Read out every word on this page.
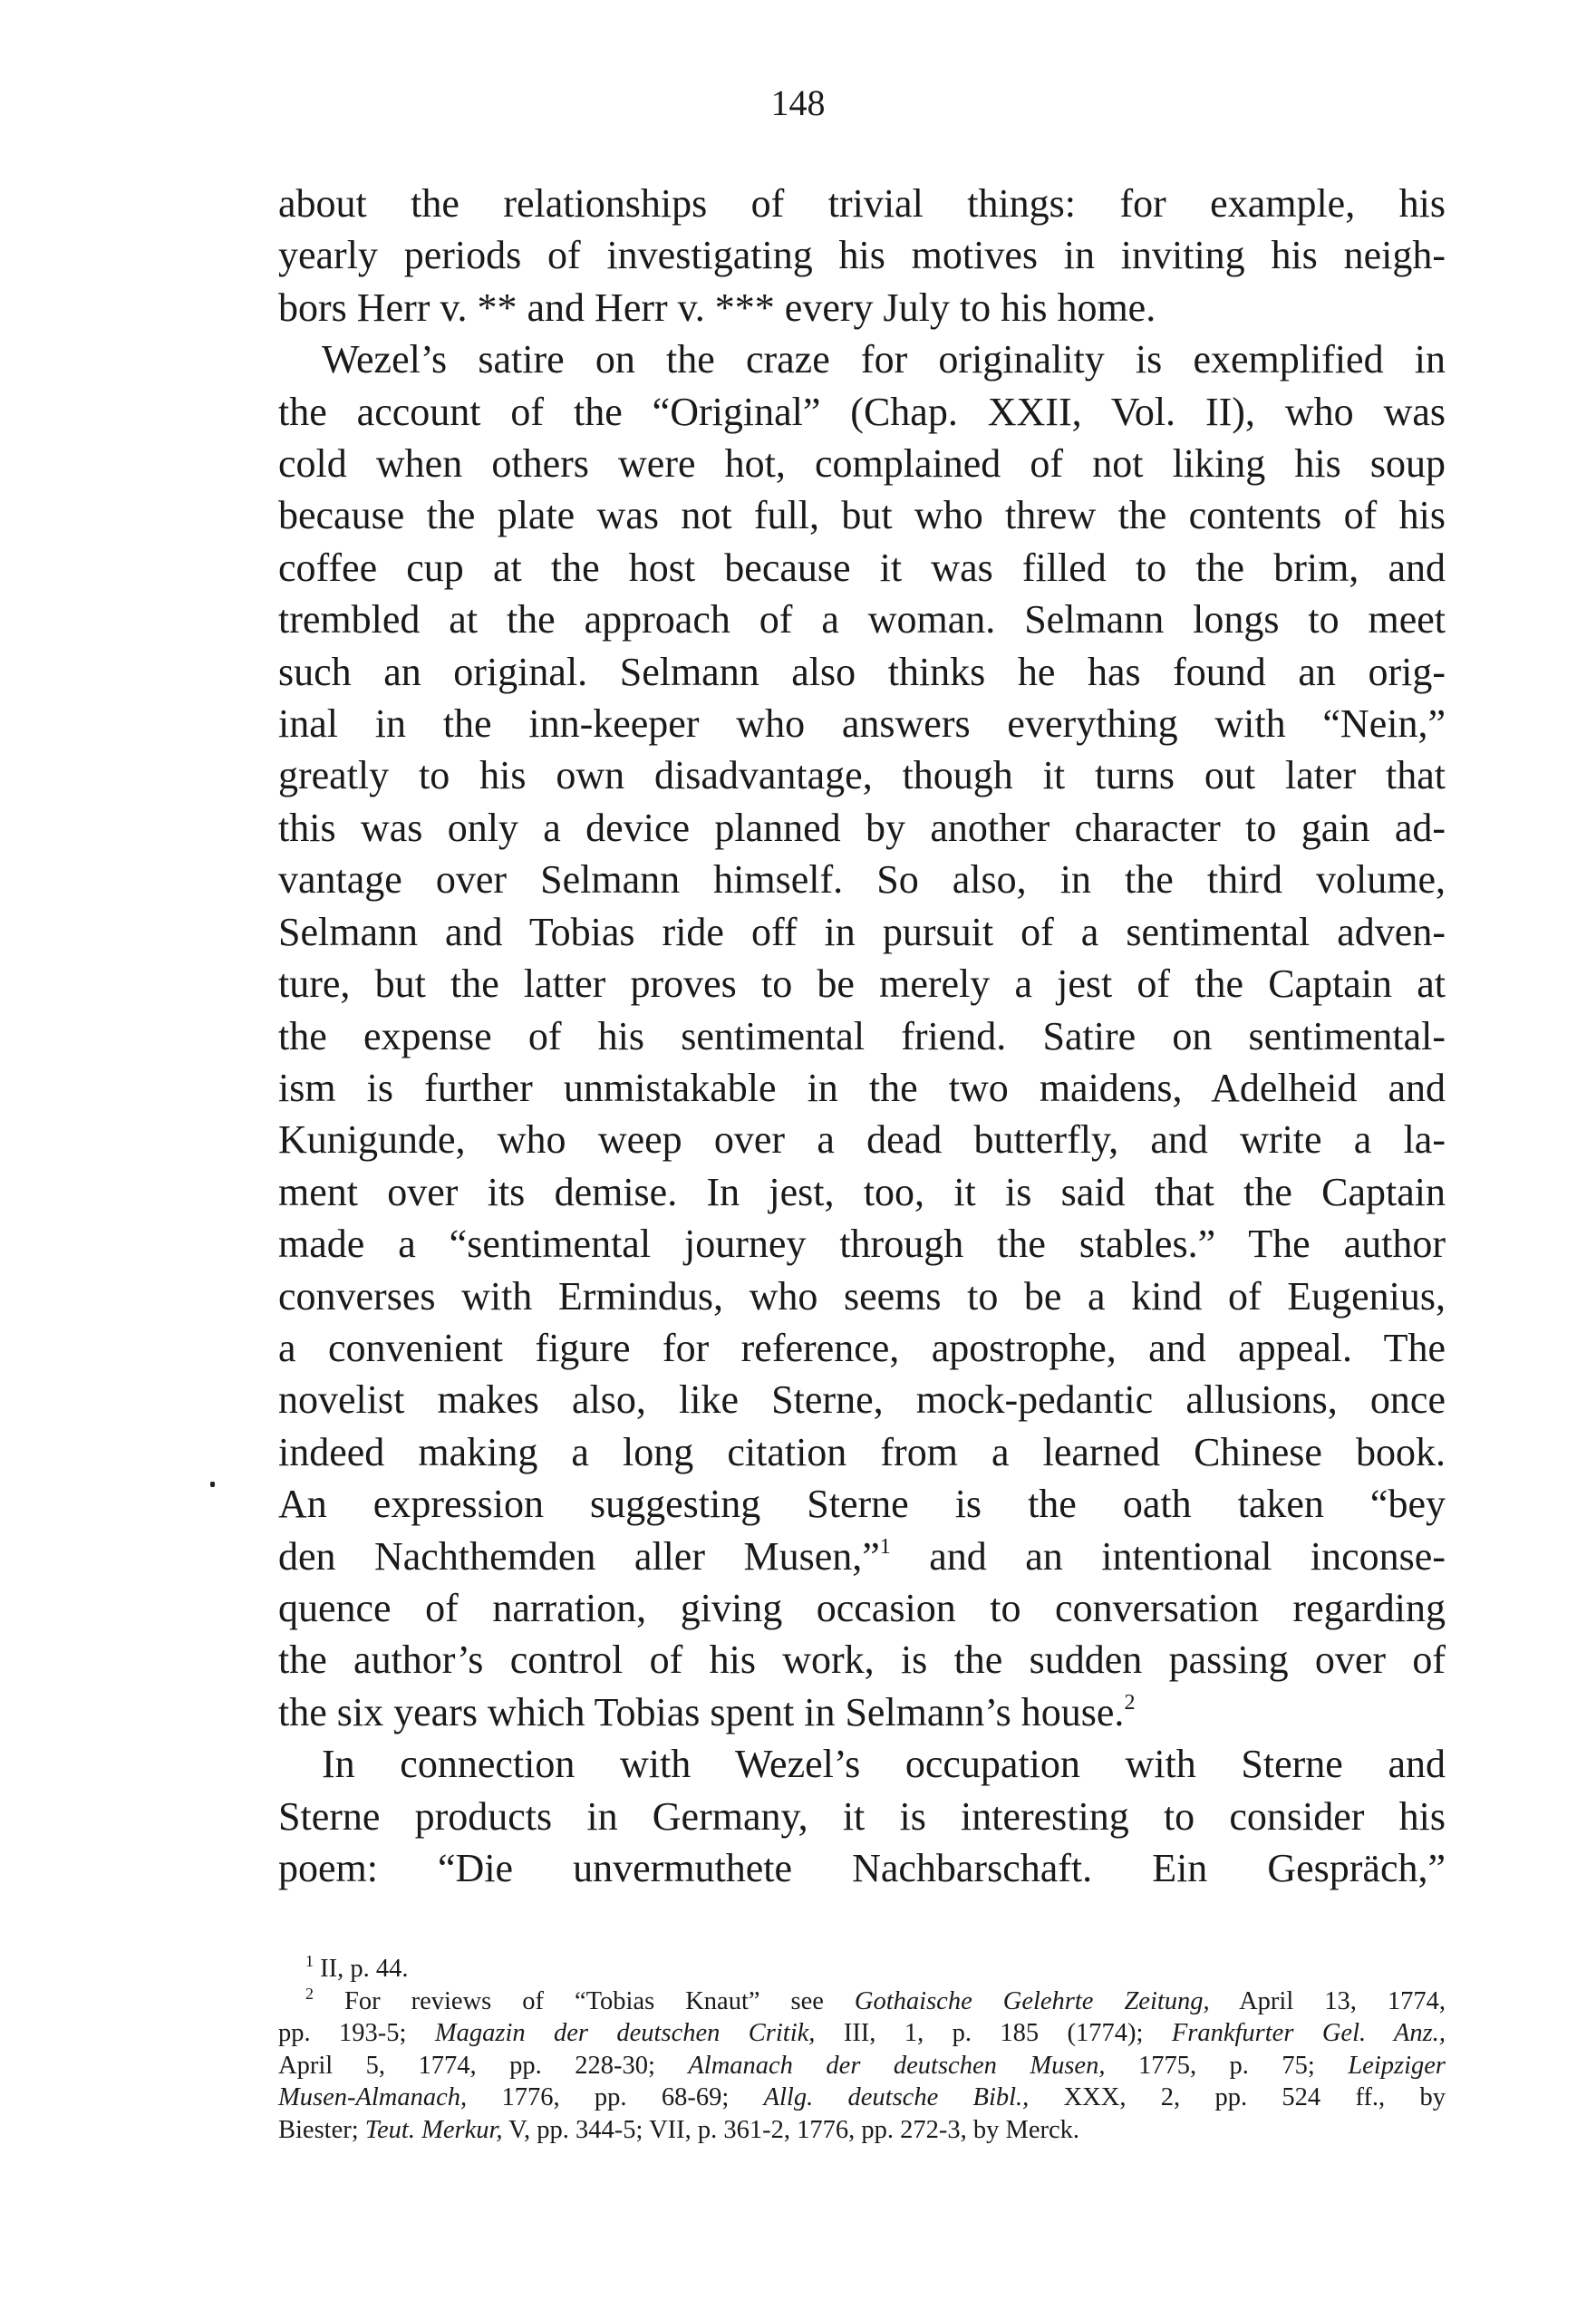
148
about the relationships of trivial things: for example, his
yearly periods of investigating his motives in inviting his neigh-
bors Herr v. ** and Herr v. *** every July to his home.
Wezel’s satire on the craze for originality is exemplified in
the account of the “Original” (Chap. XXII, Vol. II), who was
cold when others were hot, complained of not liking his soup
because the plate was not full, but who threw the contents of his
coffee cup at the host because it was filled to the brim, and
trembled at the approach of a woman. Selmann longs to meet
such an original. Selmann also thinks he has found an orig-
inal in the inn-keeper who answers everything with “Nein,”
greatly to his own disadvantage, though it turns out later that
this was only a device planned by another character to gain ad-
vantage over Selmann himself. So also, in the third volume,
Selmann and Tobias ride off in pursuit of a sentimental adven-
ture, but the latter proves to be merely a jest of the Captain at
the expense of his sentimental friend. Satire on sentimental-
ism is further unmistakable in the two maidens, Adelheid and
Kunigunde, who weep over a dead butterfly, and write a la-
ment over its demise. In jest, too, it is said that the Captain
made a “sentimental journey through the stables.” The author
converses with Ermindus, who seems to be a kind of Eugenius,
a convenient figure for reference, apostrophe, and appeal. The
novelist makes also, like Sterne, mock-pedantic allusions, once
indeed making a long citation from a learned Chinese book.
An expression suggesting Sterne is the oath taken “bey
den Nachthemden aller Musen,”$^1$ and an intentional inconse-
quence of narration, giving occasion to conversation regarding
the author’s control of his work, is the sudden passing over of
the six years which Tobias spent in Selmann’s house.$^2$
In connection with Wezel’s occupation with Sterne and
Sterne products in Germany, it is interesting to consider his
poem: “Die unvermuthete Nachbarschaft. Ein Gespräch,”
$^1$ II, p. 44.
$^2$ For reviews of “Tobias Knaut” see Gothaische Gelehrte Zeitung, April 13, 1774,
pp. 193-5; Magazin der deutschen Critik, III, 1, p. 185 (1774); Frankfurter Gel. Anz.,
April 5, 1774, pp. 228-30; Almanach der deutschen Musen, 1775, p. 75; Leipziger
Musen-Almanach, 1776, pp. 68-69; Allg. deutsche Bibl., XXX, 2, pp. 524 ff., by
Biester; Teut. Merkur, V, pp. 344-5; VII, p. 361-2, 1776, pp. 272-3, by Merck.
